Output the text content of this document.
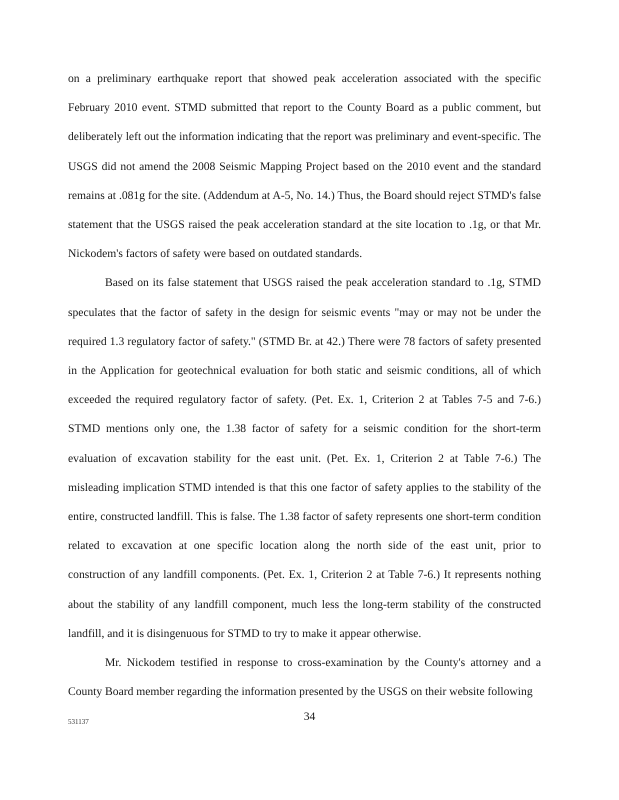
on a preliminary earthquake report that showed peak acceleration associated with the specific February 2010 event. STMD submitted that report to the County Board as a public comment, but deliberately left out the information indicating that the report was preliminary and event-specific. The USGS did not amend the 2008 Seismic Mapping Project based on the 2010 event and the standard remains at .081g for the site. (Addendum at A-5, No. 14.) Thus, the Board should reject STMD's false statement that the USGS raised the peak acceleration standard at the site location to .1g, or that Mr. Nickodem's factors of safety were based on outdated standards.

Based on its false statement that USGS raised the peak acceleration standard to .1g, STMD speculates that the factor of safety in the design for seismic events "may or may not be under the required 1.3 regulatory factor of safety." (STMD Br. at 42.) There were 78 factors of safety presented in the Application for geotechnical evaluation for both static and seismic conditions, all of which exceeded the required regulatory factor of safety. (Pet. Ex. 1, Criterion 2 at Tables 7-5 and 7-6.) STMD mentions only one, the 1.38 factor of safety for a seismic condition for the short-term evaluation of excavation stability for the east unit. (Pet. Ex. 1, Criterion 2 at Table 7-6.) The misleading implication STMD intended is that this one factor of safety applies to the stability of the entire, constructed landfill. This is false. The 1.38 factor of safety represents one short-term condition related to excavation at one specific location along the north side of the east unit, prior to construction of any landfill components. (Pet. Ex. 1, Criterion 2 at Table 7-6.) It represents nothing about the stability of any landfill component, much less the long-term stability of the constructed landfill, and it is disingenuous for STMD to try to make it appear otherwise.

Mr. Nickodem testified in response to cross-examination by the County's attorney and a County Board member regarding the information presented by the USGS on their website following

531137	34
